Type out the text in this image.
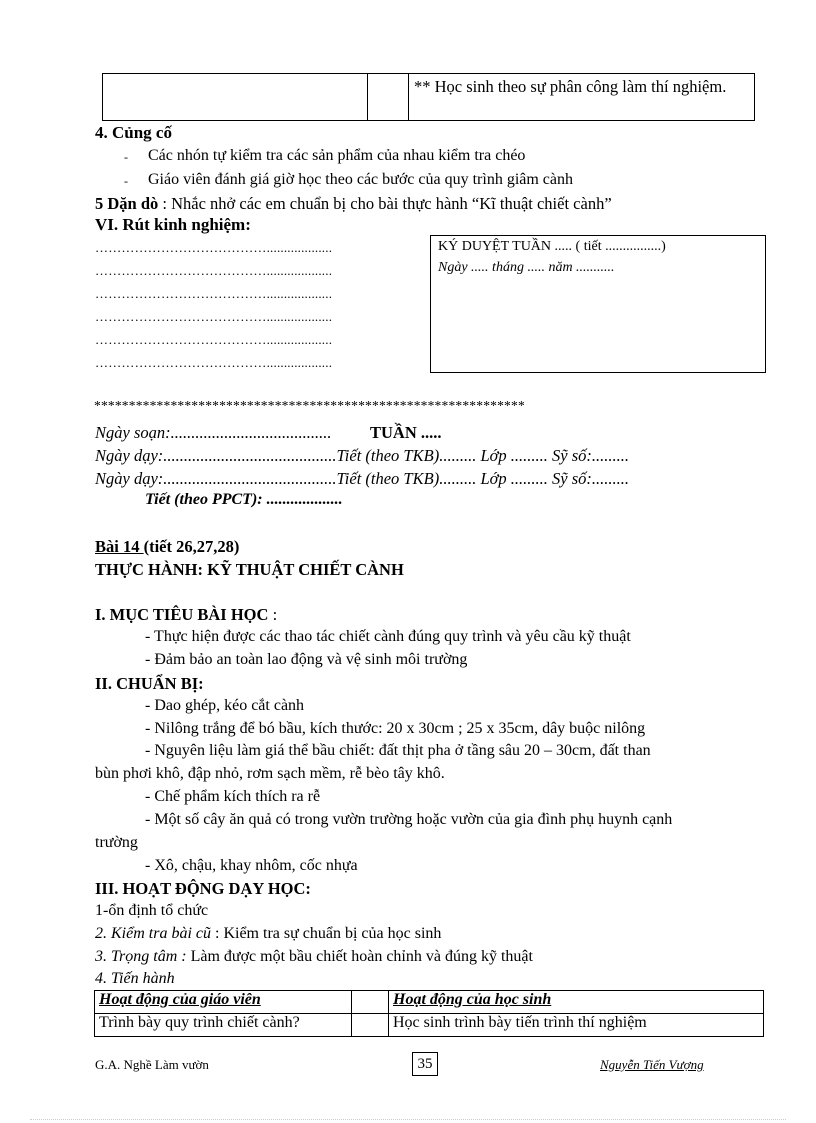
		** Học sinh theo sự phân công làm thí nghiệm.
4. Củng cố
- Các nhón tự kiểm tra các sản phẩm của nhau kiểm tra chéo
- Giáo viên đánh giá giờ học theo các bước của quy trình giâm cành
5 Dặn dò : Nhắc nhở các em chuẩn bị cho bài thực hành “Kĩ thuật chiết cành”
VI. Rút kinh nghiệm:
…………………………………...................
…………………………………...................
…………………………………...................
…………………………………...................
…………………………………...................
…………………………………...................
KÝ DUYỆT TUẦN ..... ( tiết ................)
Ngày ..... tháng ..... năm ...........
**************************************************************
Ngày soạn:....................................... TUẦN .....
Ngày dạy:..........................................Tiết (theo TKB)......... Lớp ......... Sỹ số:.........
Ngày dạy:..........................................Tiết (theo TKB)......... Lớp ......... Sỹ số:.........
Tiết (theo PPCT): ...................
Bài 14 (tiết 26,27,28)
THỰC HÀNH: KỸ THUẬT CHIẾT CÀNH
I. MỤC TIÊU BÀI HỌC :
- Thực hiện được các thao tác chiết cành đúng quy trình và yêu cầu kỹ thuật
- Đảm bảo an toàn lao động và vệ sinh môi trường
II. CHUẨN BỊ:
- Dao ghép, kéo cắt cành
- Nilông trắng để bó bầu, kích thước: 20 x 30cm ; 25 x 35cm, dây buộc nilông
- Nguyên liệu làm giá thể bầu chiết: đất thịt pha ở tầng sâu 20 – 30cm, đất than
bùn phơi khô, đập nhỏ, rơm sạch mềm, rễ bèo tây khô.
- Chế phẩm kích thích ra rễ
- Một số cây ăn quả có trong vườn trường hoặc vườn của gia đình phụ huynh cạnh
trường
- Xô, chậu, khay nhôm, cốc nhựa
III. HOẠT ĐỘNG DẠY HỌC:
1-ổn định tổ chức
2. Kiểm tra bài cũ : Kiểm tra sự chuẩn bị của học sinh
3. Trọng tâm : Làm được một bầu chiết hoàn chỉnh và đúng kỹ thuật
4. Tiến hành
Hoạt động của giáo viên		Hoạt động của học sinh
Trình bày quy trình chiết cành?		Học sinh trình bày tiến trình thí nghiệm
G.A. Nghề Làm vườn	35	Nguyễn Tiến Vượng
